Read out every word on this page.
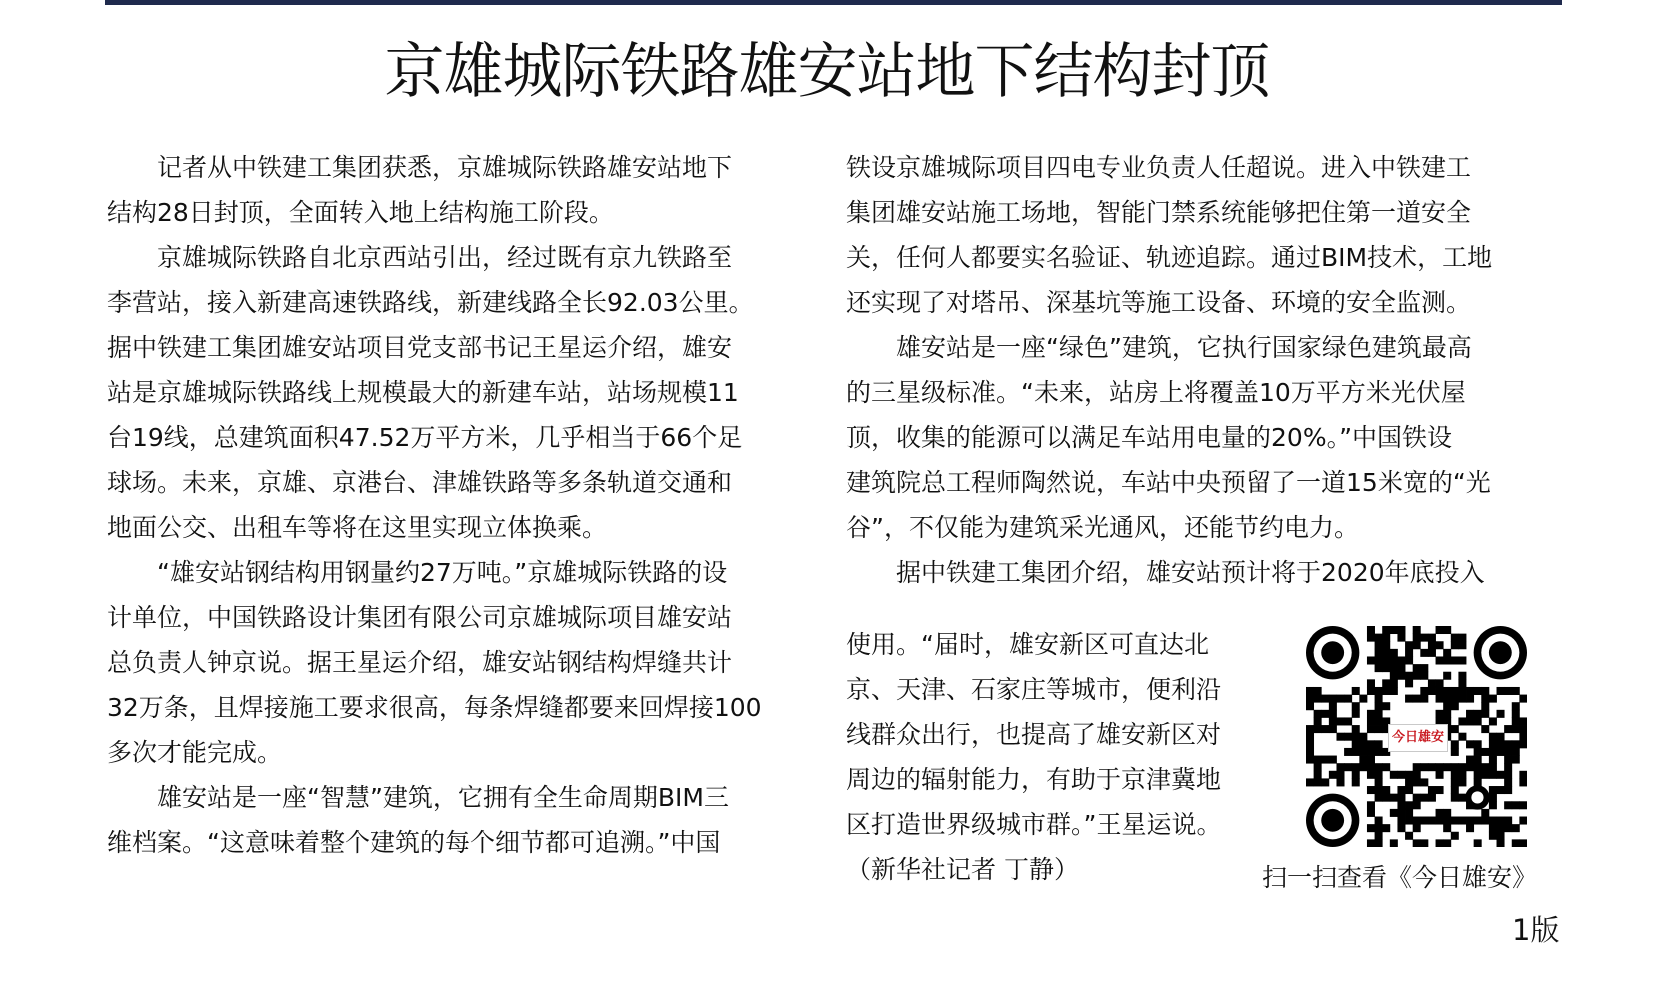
京雄城际铁路雄安站地下结构封顶

记者从中铁建工集团获悉，京雄城际铁路雄安站地下

结构28日封顶，全面转入地上结构施工阶段。

京雄城际铁路自北京西站引出，经过既有京九铁路至

李营站，接入新建高速铁路线，新建线路全长92.03公里。

据中铁建工集团雄安站项目党支部书记王星运介绍，雄安

站是京雄城际铁路线上规模最大的新建车站，站场规模11

台19线，总建筑面积47.52万平方米，几乎相当于66个足

球场。未来，京雄、京港台、津雄铁路等多条轨道交通和

地面公交、出租车等将在这里实现立体换乘。

“雄安站钢结构用钢量约27万吨。”京雄城际铁路的设

计单位，中国铁路设计集团有限公司京雄城际项目雄安站

总负责人钟京说。据王星运介绍，雄安站钢结构焊缝共计

32万条，且焊接施工要求很高，每条焊缝都要来回焊接100

多次才能完成。

雄安站是一座“智慧”建筑，它拥有全生命周期BIM三

维档案。“这意味着整个建筑的每个细节都可追溯。”中国

铁设京雄城际项目四电专业负责人任超说。进入中铁建工

集团雄安站施工场地，智能门禁系统能够把住第一道安全

关，任何人都要实名验证、轨迹追踪。通过BIM技术，工地

还实现了对塔吊、深基坑等施工设备、环境的安全监测。

雄安站是一座“绿色”建筑，它执行国家绿色建筑最高

的三星级标准。“未来，站房上将覆盖10万平方米光伏屋

顶，收集的能源可以满足车站用电量的20%。”中国铁设

建筑院总工程师陶然说，车站中央预留了一道15米宽的“光

谷”，不仅能为建筑采光通风，还能节约电力。

据中铁建工集团介绍，雄安站预计将于2020年底投入

使用。“届时，雄安新区可直达北

京、天津、石家庄等城市，便利沿

线群众出行，也提高了雄安新区对

周边的辐射能力，有助于京津冀地

区打造世界级城市群。”王星运说。

（新华社记者 丁静）

今日雄安
扫一扫查看《今日雄安》
1版
